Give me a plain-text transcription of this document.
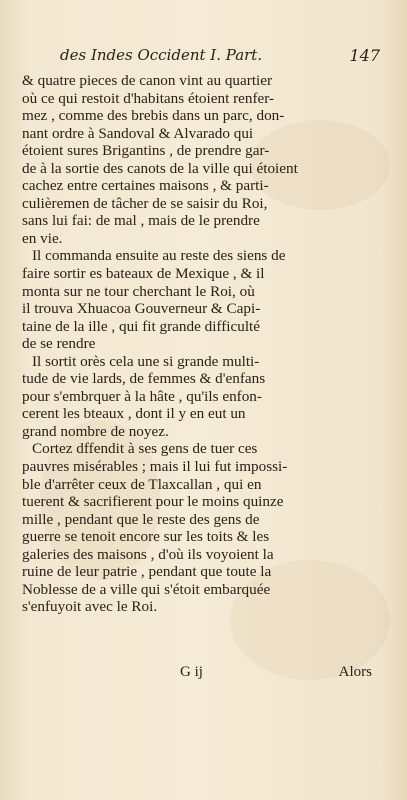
des Indes Occident I. Part.	147
& quatre pieces de canon vint au quartier
où ce qui restoit d'habitans étoient renfer-
mez , comme des brebis dans un parc, don-
nant ordre à Sandoval & Alvarado qui
étoient sures Brigantins , de prendre gar-
de à la sortie des canots de la ville qui étoient
cachez entre certaines maisons , & parti-
culièremen de tâcher de se saisir du Roi,
sans lui fai: de mal , mais de le prendre
en vie.
Il commanda ensuite au reste des siens de
faire sortir es bateaux de Mexique , & il
monta sur ne tour cherchant le Roi, où
il trouva Xhuacoa Gouverneur & Capi-
taine de la ille , qui fit grande difficulté
de se rendre
Il sortit orès cela une si grande multi-
tude de vie lards, de femmes & d'enfans
pour s'embrquer à la hâte , qu'ils enfon-
cerent les bteaux , dont il y en eut un
grand nombre de noyez.
Cortez dffendit à ses gens de tuer ces
pauvres misérables ; mais il lui fut impossi-
ble d'arrêter ceux de Tlaxcallan , qui en
tuerent & sacrifierent pour le moins quinze
mille , pendant que le reste des gens de
guerre se tenoit encore sur les toits & les
galeries des maisons , d'où ils voyoient la
ruine de leur patrie , pendant que toute la
Noblesse de a ville qui s'étoit embarquée
s'enfuyoit avec le Roi.
G ij	Alors
